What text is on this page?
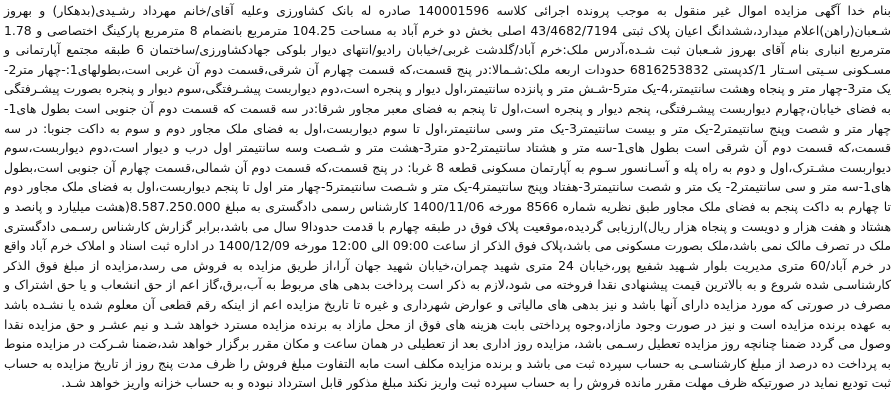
بنام خدا آگهی مزایده اموال غیر منقول به موجب پرونده اجرائی کلاسه 140001596 صادره له بانک کشاورزی وعلیه آقای/خانم مهرداد رشـیدی(بدهکار) و بهروز شـعبان(راهن)اعلام میدارد،ششدانگ اعیان پلاک ثبتی 43/4682/7194 اصلی بخش دو خرم آباد به مساحت 104.25 مترمربع بانضمام 8 مترمربع پارکینگ اختصاصی و 1.78 مترمربع انباری بنام آقای بهروز شـعبان ثبت شـده،آدرس ملک:خرم آباد/گلدشت غربی/خیابان رادیو/انتهای دیوار بلوکی جهادکشاورزی/ساختمان 6 طبقه مجتمع آپارتمانی و مسـکونی سـیتی اسـتار 1/کدپستی 6816253832 حدودات اربعه ملک:شـمالا:در پنج قسمت،که قسمت چهارم آن شرقی،قسمت دوم آن غربی است،بطولهای1:-چهار متر2-یک متر3-چهار متر و پنجاه وهشت سانتیمتر،4-یک متر5-شـش متر و پانزده سانتیمتر،اول دیوار و پنجره است،دوم دیواربست پیشـرفتگی،سوم دیوار و پنجره بصورت پیشـرفتگی به فضای خیابان،چهارم دیواربست پیشـرفتگی، پنجم دیوار و پنجره است،اول تا پنجم به فضای معبر مجاور شرقا:در سه قسمت که قسمت دوم آن جنوبی است بطول های1-چهار متر و شصت وپنج سانتیمتر2-یک متر و بیست سانتیمتر3-یک متر وسی سانتیمتر،اول تا سوم دیواربست،اول به فضای ملک مجاور دوم و سوم به داکت جنوبا: در سه قسمت،که قسمت دوم آن شرقی است بطول های1-سه متر و هشتاد سانتیمتر2-دو متر3-هشت متر و شـصت وسه سانتیمتر اول درب و دیوار است،دوم دیواربست،سوم دیواربست مشـترک،اول و دوم به راه پله و آسـانسور سـوم به آپارتمان مسکونی قطعه 8 غربا: در پنج قسمت،که قسمت دوم آن شمالی،قسمت چهارم آن جنوبی است،بطول های1-سه متر و سی سانتیمتر2- یک متر و شصت سانتیمتر3-هفتاد وپنج سانتیمتر4-یک متر و شـصت سانتیمتر5-چهار متر اول تا پنجم دیواربست،اول به فضای ملک مجاور دوم تا چهارم به داکت پنجم به فضای ملک مجاور طبق نظریه شماره 8566 مورخه 1400/11/06 کارشناس رسمی دادگستری به مبلغ 8.587.250.000(هشت میلیارد و پانصد و هشتاد و هفت هزار و دویست و پنجاه هزار ریال)ارزیابی گردیده،موقعیت پلاک فوق در طبقه چهارم با قدمت حدودا9 سال می باشد،برابر گزارش کارشناس رسـمی دادگستری ملک در تصرف مالک نمی باشد،ملک بصورت مسکونی می باشد،پلاک فوق الذکر از ساعت 09:00 الی 12:00 مورخه 1400/12/09 در اداره ثبت اسناد و املاک خرم آباد واقع در خرم آباد/60 متری مدیریت بلوار شـهید شفیع پور،خیابان 24 متری شهید چمران،خیابان شهید جهان آرا،از طریق مزایده به فروش می رسد،مزایده از مبلغ فوق الذکر کارشناسـی شده شروع و به بالاترین قیمت پیشنهادی نقدا فروخته می شود،لازم به ذکر است پرداخت بدهی های مربوط به آب،برق،گاز اعم از حق انشعاب و یا حق اشتراک و مصرف در صورتی که مورد مزایده دارای آنها باشد و نیز بدهی های مالیاتی و عوارض شهرداری و غیره تا تاریخ مزایده اعم از اینکه رقم قطعی آن معلوم شده یا نشـده باشد به عهده برنده مزایده است و نیز در صورت وجود مازاد،وجوه پرداختی بابت هزینه های فوق از محل مازاد به برنده مزایده مسترد خواهد شـد و نیم عشـر و حق مزایده نقدا وصول می گردد ضمنا چنانچه روز مزایده تعطیل رسـمی باشد، مزایده روز اداری بعد از تعطیلی در همان ساعت و مکان مقرر برگزار خواهد شد،ضمنا شـرکت در مزایده منوط به پرداخت ده درصد از مبلغ کارشناسـی به حساب سپرده ثبت می باشد و برنده مزایده مکلف است مابه التفاوت مبلغ فروش را ظرف مدت پنج روز از تاریخ مزایده به حساب ثبت تودیع نماید در صورتیکه ظرف مهلت مقرر مانده فروش را به حساب سپرده ثبت واریز نکند مبلغ مذکور قابل استرداد نبوده و به حساب خزانه واریز خواهد شـد.
